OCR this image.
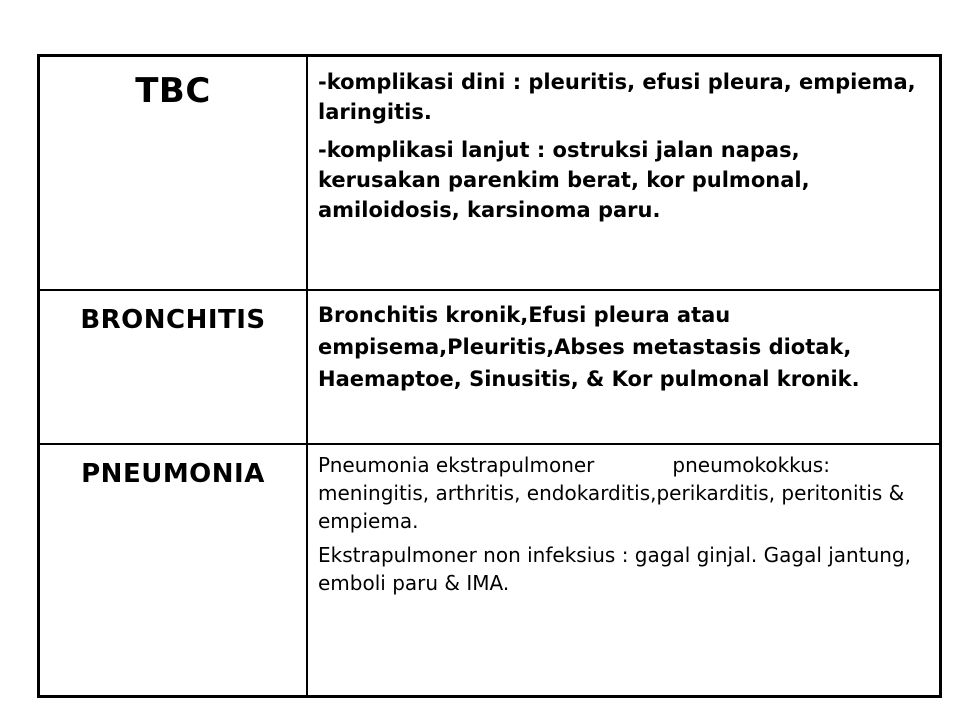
TBC	-komplikasi dini : pleuritis, efusi pleura, empiema, laringitis.

-komplikasi lanjut : ostruksi jalan napas, kerusakan parenkim berat, kor pulmonal, amiloidosis, karsinoma paru.

BRONCHITIS	Bronchitis kronik,Efusi pleura atau empisema,Pleuritis,Abses metastasis diotak, Haemaptoe, Sinusitis, & Kor pulmonal kronik.

PNEUMONIA	Pneumonia ekstrapulmoner pneumokokkus: meningitis, arthritis, endokarditis,perikarditis, peritonitis & empiema.

Ekstrapulmoner non infeksius : gagal ginjal. Gagal jantung, emboli paru & IMA.
